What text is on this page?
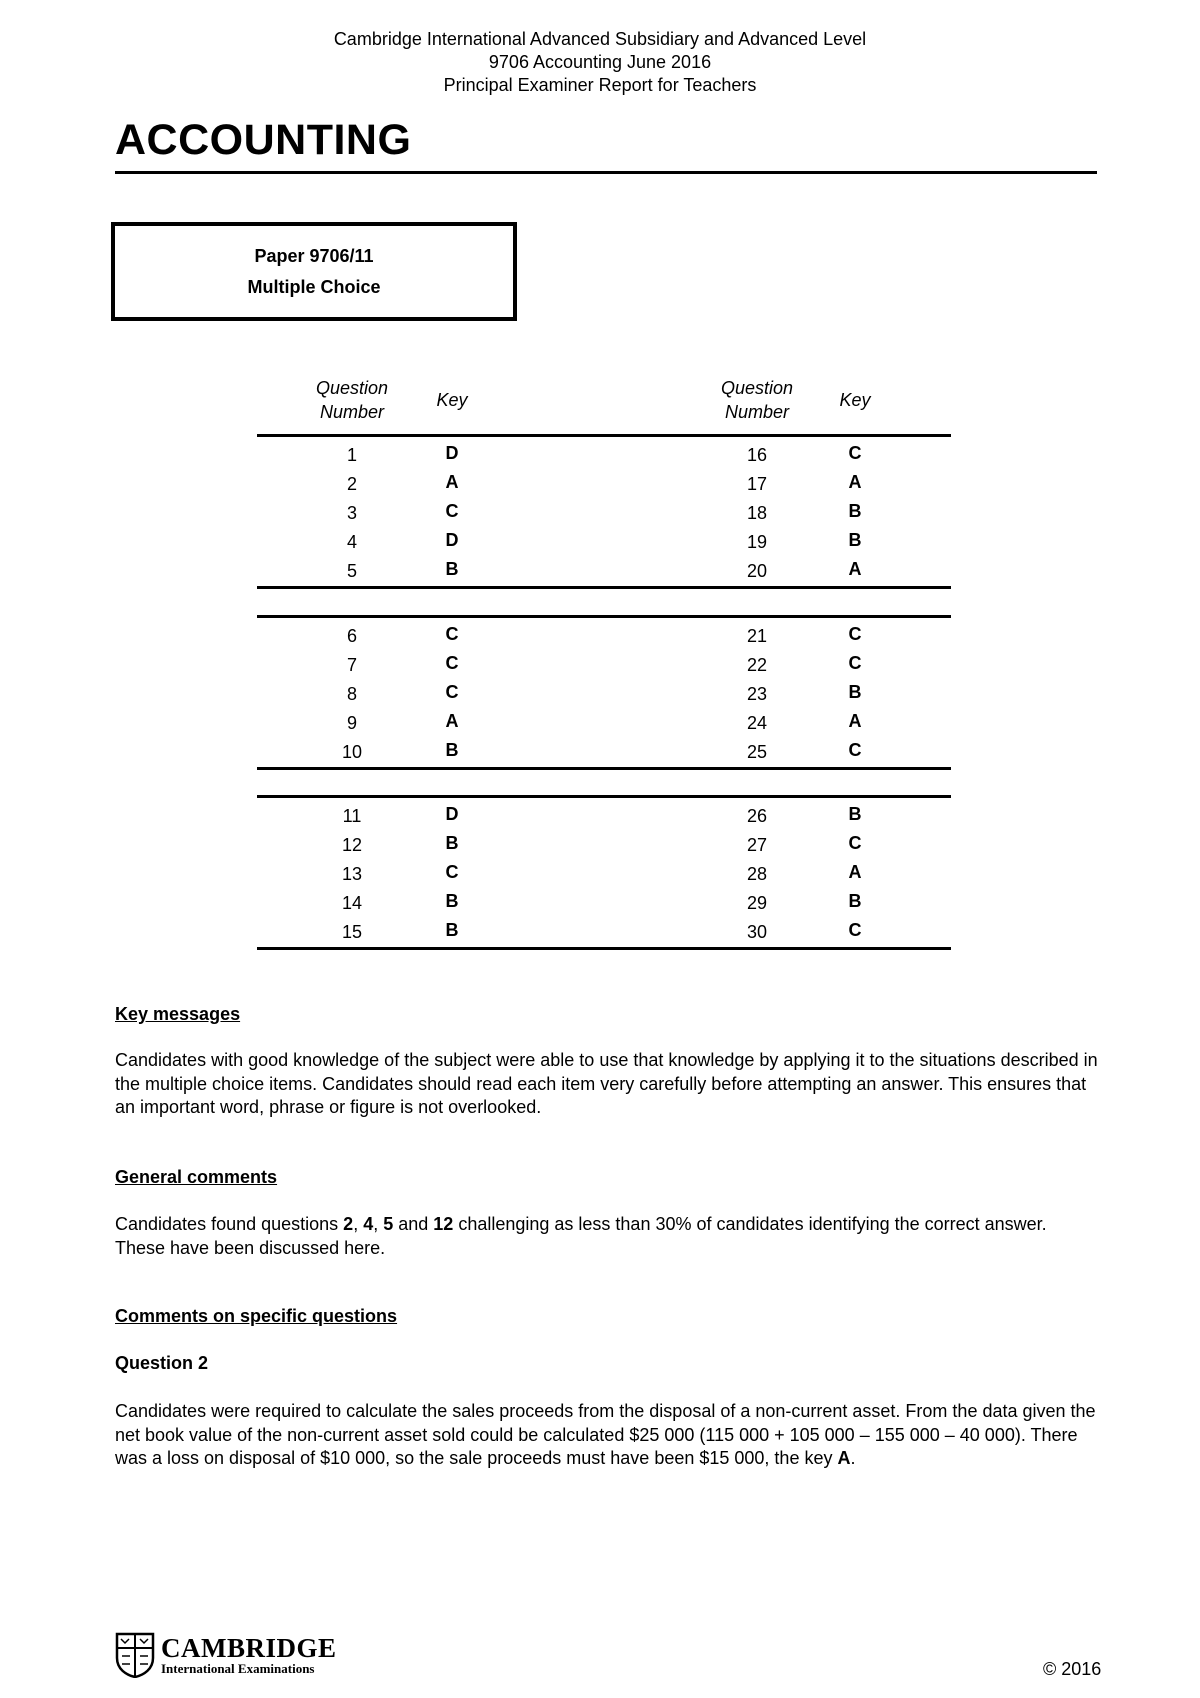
Cambridge International Advanced Subsidiary and Advanced Level
9706 Accounting June 2016
Principal Examiner Report for Teachers
ACCOUNTING
Paper 9706/11
Multiple Choice
Question Number
Key
Question Number
Key
1	D	16	C
2	A	17	A
3	C	18	B
4	D	19	B
5	B	20	A
6	C	21	C
7	C	22	C
8	C	23	B
9	A	24	A
10	B	25	C
11	D	26	B
12	B	27	C
13	C	28	A
14	B	29	B
15	B	30	C
Key messages
Candidates with good knowledge of the subject were able to use that knowledge by applying it to the situations described in the multiple choice items. Candidates should read each item very carefully before attempting an answer. This ensures that an important word, phrase or figure is not overlooked.
General comments
Candidates found questions 2, 4, 5 and 12 challenging as less than 30% of candidates identifying the correct answer. These have been discussed here.
Comments on specific questions
Question 2
Candidates were required to calculate the sales proceeds from the disposal of a non-current asset. From the data given the net book value of the non-current asset sold could be calculated $25 000 (115 000 + 105 000 – 155 000 – 40 000). There was a loss on disposal of $10 000, so the sale proceeds must have been $15 000, the key A.
CAMBRIDGE
International Examinations	© 2016
